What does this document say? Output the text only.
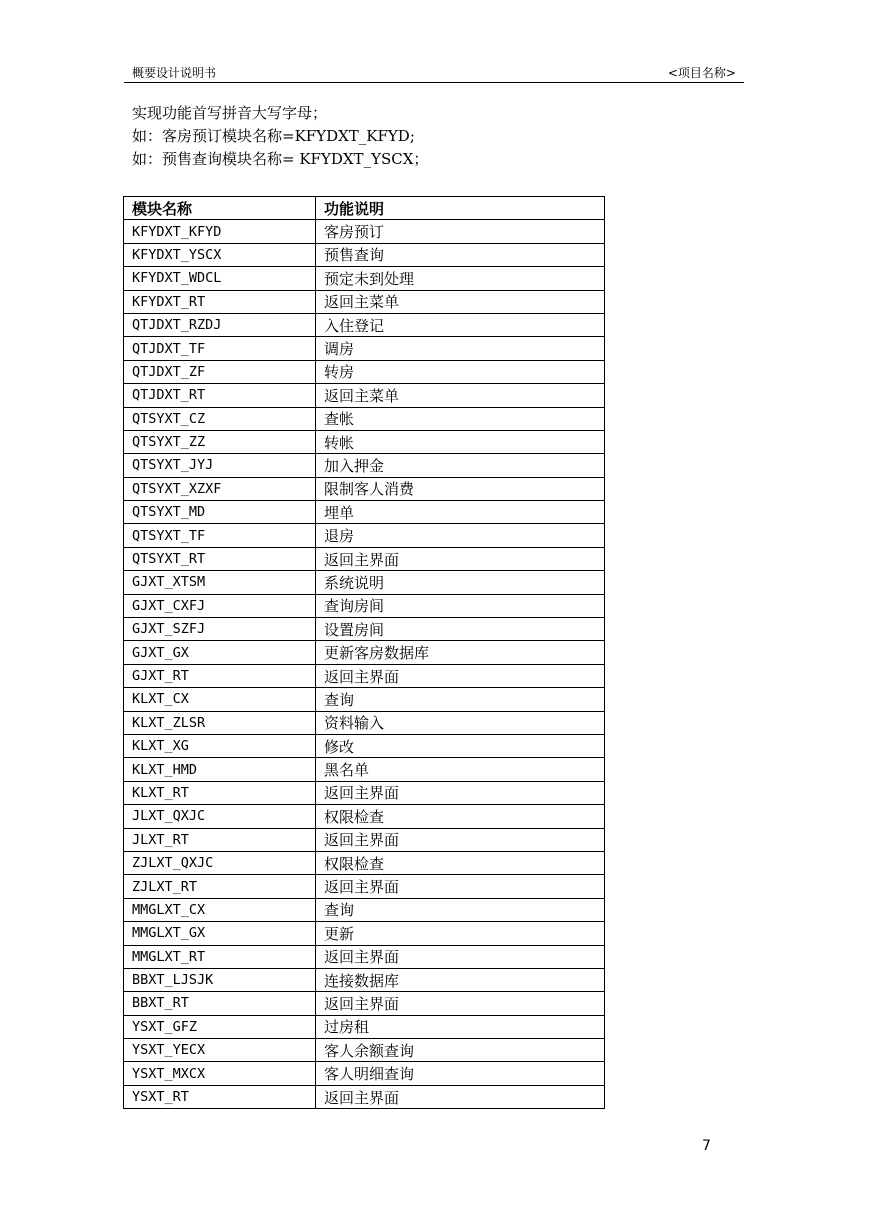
概要设计说明书	<项目名称>
实现功能首写拼音大写字母；
如：客房预订模块名称=KFYDXT_KFYD;
如：预售查询模块名称= KFYDXT_YSCX；
模块名称	功能说明
KFYDXT_KFYD	客房预订
KFYDXT_YSCX	预售查询
KFYDXT_WDCL	预定未到处理
KFYDXT_RT	返回主菜单
QTJDXT_RZDJ	入住登记
QTJDXT_TF	调房
QTJDXT_ZF	转房
QTJDXT_RT	返回主菜单
QTSYXT_CZ	查帐
QTSYXT_ZZ	转帐
QTSYXT_JYJ	加入押金
QTSYXT_XZXF	限制客人消费
QTSYXT_MD	埋单
QTSYXT_TF	退房
QTSYXT_RT	返回主界面
GJXT_XTSM	系统说明
GJXT_CXFJ	查询房间
GJXT_SZFJ	设置房间
GJXT_GX	更新客房数据库
GJXT_RT	返回主界面
KLXT_CX	查询
KLXT_ZLSR	资料输入
KLXT_XG	修改
KLXT_HMD	黑名单
KLXT_RT	返回主界面
JLXT_QXJC	权限检查
JLXT_RT	返回主界面
ZJLXT_QXJC	权限检查
ZJLXT_RT	返回主界面
MMGLXT_CX	查询
MMGLXT_GX	更新
MMGLXT_RT	返回主界面
BBXT_LJSJK	连接数据库
BBXT_RT	返回主界面
YSXT_GFZ	过房租
YSXT_YECX	客人余额查询
YSXT_MXCX	客人明细查询
YSXT_RT	返回主界面
7
